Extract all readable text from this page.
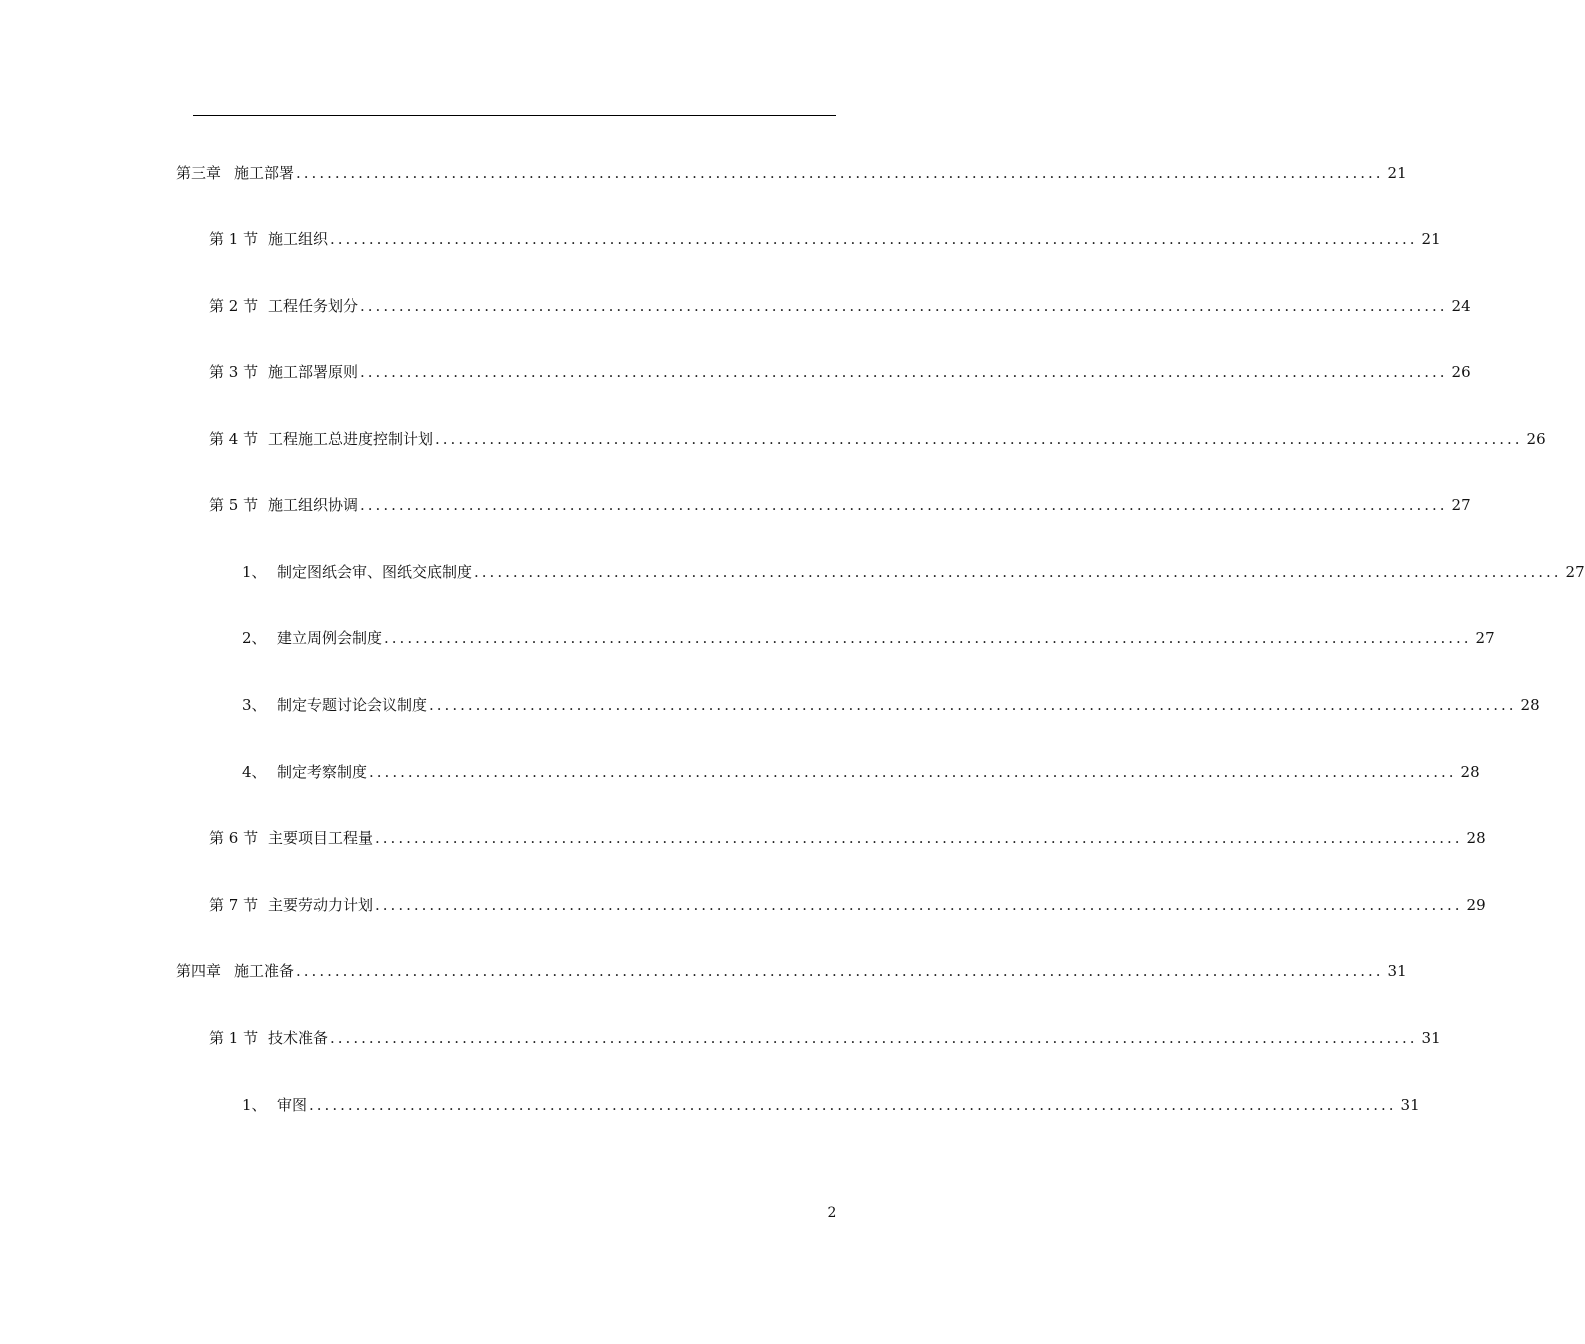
第三章 施工部署 ............................................................................................................................................ 21
第 1 节 施工组织 ............................................................................................................................................ 21
第 2 节 工程任务划分 ............................................................................................................................................ 24
第 3 节 施工部署原则 ............................................................................................................................................ 26
第 4 节 工程施工总进度控制计划 ............................................................................................................................................ 26
第 5 节 施工组织协调 ............................................................................................................................................ 27
1、 制定图纸会审、图纸交底制度 ............................................................................................................................................ 27
2、 建立周例会制度 ............................................................................................................................................ 27
3、 制定专题讨论会议制度 ............................................................................................................................................ 28
4、 制定考察制度 ............................................................................................................................................ 28
第 6 节 主要项目工程量 ............................................................................................................................................ 28
第 7 节 主要劳动力计划 ............................................................................................................................................ 29
第四章 施工准备 ............................................................................................................................................ 31
第 1 节 技术准备 ............................................................................................................................................ 31
1、 审图 ............................................................................................................................................ 31
2
